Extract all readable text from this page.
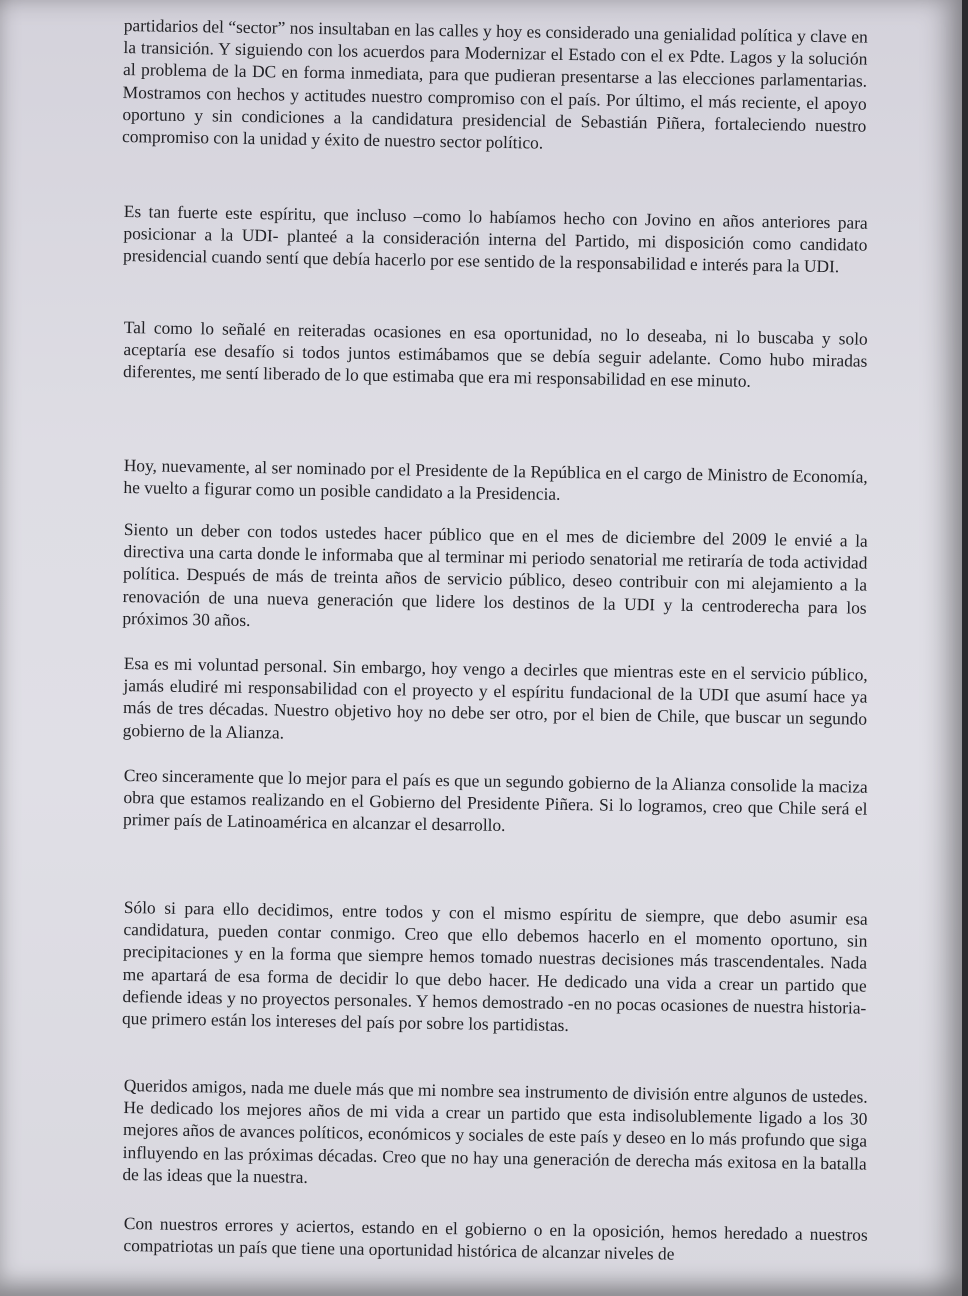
partidarios del “sector” nos insultaban en las calles y hoy es considerado una genialidad política y clave en la transición. Y siguiendo con los acuerdos para Modernizar el Estado con el ex Pdte. Lagos y la solución al problema de la DC en forma inmediata, para que pudieran presentarse a las elecciones parlamentarias. Mostramos con hechos y actitudes nuestro compromiso con el país. Por último, el más reciente, el apoyo oportuno y sin condiciones a la candidatura presidencial de Sebastián Piñera, fortaleciendo nuestro compromiso con la unidad y éxito de nuestro sector político.

Es tan fuerte este espíritu, que incluso –como lo habíamos hecho con Jovino en años anteriores para posicionar a la UDI- planteé a la consideración interna del Partido, mi disposición como candidato presidencial cuando sentí que debía hacerlo por ese sentido de la responsabilidad e interés para la UDI.

Tal como lo señalé en reiteradas ocasiones en esa oportunidad, no lo deseaba, ni lo buscaba y solo aceptaría ese desafío si todos juntos estimábamos que se debía seguir adelante. Como hubo miradas diferentes, me sentí liberado de lo que estimaba que era mi responsabilidad en ese minuto.

Hoy, nuevamente, al ser nominado por el Presidente de la República en el cargo de Ministro de Economía, he vuelto a figurar como un posible candidato a la Presidencia.

Siento un deber con todos ustedes hacer público que en el mes de diciembre del 2009 le envié a la directiva una carta donde le informaba que al terminar mi periodo senatorial me retiraría de toda actividad política. Después de más de treinta años de servicio público, deseo contribuir con mi alejamiento a la renovación de una nueva generación que lidere los destinos de la UDI y la centroderecha para los próximos 30 años.

Esa es mi voluntad personal. Sin embargo, hoy vengo a decirles que mientras este en el servicio público, jamás eludiré mi responsabilidad con el proyecto y el espíritu fundacional de la UDI que asumí hace ya más de tres décadas. Nuestro objetivo hoy no debe ser otro, por el bien de Chile, que buscar un segundo gobierno de la Alianza.

Creo sinceramente que lo mejor para el país es que un segundo gobierno de la Alianza consolide la maciza obra que estamos realizando en el Gobierno del Presidente Piñera. Si lo logramos, creo que Chile será el primer país de Latinoamérica en alcanzar el desarrollo.

Sólo si para ello decidimos, entre todos y con el mismo espíritu de siempre, que debo asumir esa candidatura, pueden contar conmigo. Creo que ello debemos hacerlo en el momento oportuno, sin precipitaciones y en la forma que siempre hemos tomado nuestras decisiones más trascendentales. Nada me apartará de esa forma de decidir lo que debo hacer. He dedicado una vida a crear un partido que defiende ideas y no proyectos personales. Y hemos demostrado -en no pocas ocasiones de nuestra historia- que primero están los intereses del país por sobre los partidistas.

Queridos amigos, nada me duele más que mi nombre sea instrumento de división entre algunos de ustedes. He dedicado los mejores años de mi vida a crear un partido que esta indisolublemente ligado a los 30 mejores años de avances políticos, económicos y sociales de este país y deseo en lo más profundo que siga influyendo en las próximas décadas. Creo que no hay una generación de derecha más exitosa en la batalla de las ideas que la nuestra.

Con nuestros errores y aciertos, estando en el gobierno o en la oposición, hemos heredado a nuestros compatriotas un país que tiene una oportunidad histórica de alcanzar niveles de
